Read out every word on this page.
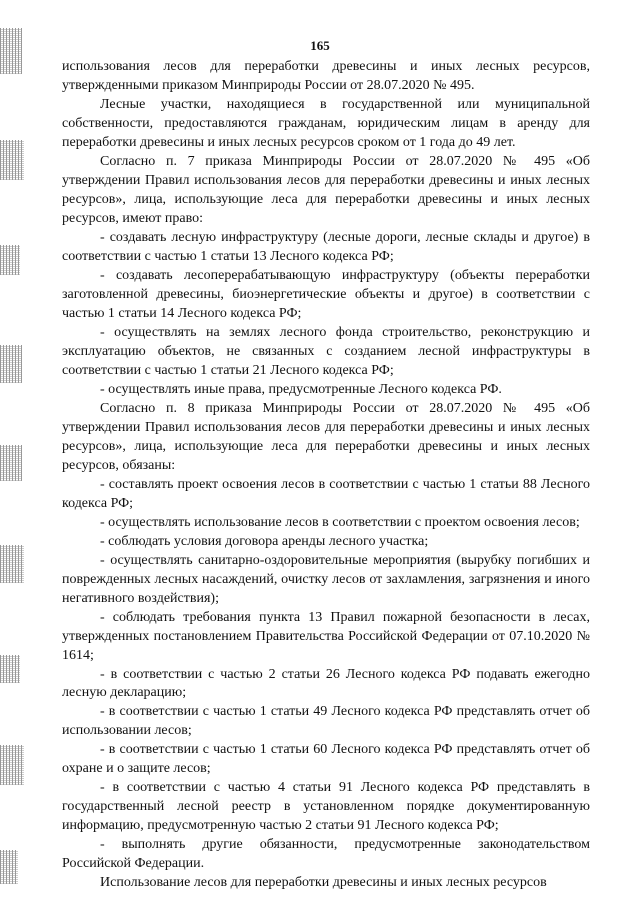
165

использования лесов для переработки древесины и иных лесных ресурсов, утвержденными приказом Минприроды России от 28.07.2020 № 495.

Лесные участки, находящиеся в государственной или муниципальной собственности, предоставляются гражданам, юридическим лицам в аренду для переработки древесины и иных лесных ресурсов сроком от 1 года до 49 лет.

Согласно п. 7 приказа Минприроды России от 28.07.2020 № 495 «Об утверждении Правил использования лесов для переработки древесины и иных лесных ресурсов», лица, использующие леса для переработки древесины и иных лесных ресурсов, имеют право:

- создавать лесную инфраструктуру (лесные дороги, лесные склады и другое) в соответствии с частью 1 статьи 13 Лесного кодекса РФ;

- создавать лесоперерабатывающую инфраструктуру (объекты переработки заготовленной древесины, биоэнергетические объекты и другое) в соответствии с частью 1 статьи 14 Лесного кодекса РФ;

- осуществлять на землях лесного фонда строительство, реконструкцию и эксплуатацию объектов, не связанных с созданием лесной инфраструктуры в соответствии с частью 1 статьи 21 Лесного кодекса РФ;

- осуществлять иные права, предусмотренные Лесного кодекса РФ.

Согласно п. 8 приказа Минприроды России от 28.07.2020 № 495 «Об утверждении Правил использования лесов для переработки древесины и иных лесных ресурсов», лица, использующие леса для переработки древесины и иных лесных ресурсов, обязаны:

- составлять проект освоения лесов в соответствии с частью 1 статьи 88 Лесного кодекса РФ;

- осуществлять использование лесов в соответствии с проектом освоения лесов;

- соблюдать условия договора аренды лесного участка;

- осуществлять санитарно-оздоровительные мероприятия (вырубку погибших и поврежденных лесных насаждений, очистку лесов от захламления, загрязнения и иного негативного воздействия);

- соблюдать требования пункта 13 Правил пожарной безопасности в лесах, утвержденных постановлением Правительства Российской Федерации от 07.10.2020 № 1614;

- в соответствии с частью 2 статьи 26 Лесного кодекса РФ подавать ежегодно лесную декларацию;

- в соответствии с частью 1 статьи 49 Лесного кодекса РФ представлять отчет об использовании лесов;

- в соответствии с частью 1 статьи 60 Лесного кодекса РФ представлять отчет об охране и о защите лесов;

- в соответствии с частью 4 статьи 91 Лесного кодекса РФ представлять в государственный лесной реестр в установленном порядке документированную информацию, предусмотренную частью 2 статьи 91 Лесного кодекса РФ;

- выполнять другие обязанности, предусмотренные законодательством Российской Федерации.

Использование лесов для переработки древесины и иных лесных ресурсов
